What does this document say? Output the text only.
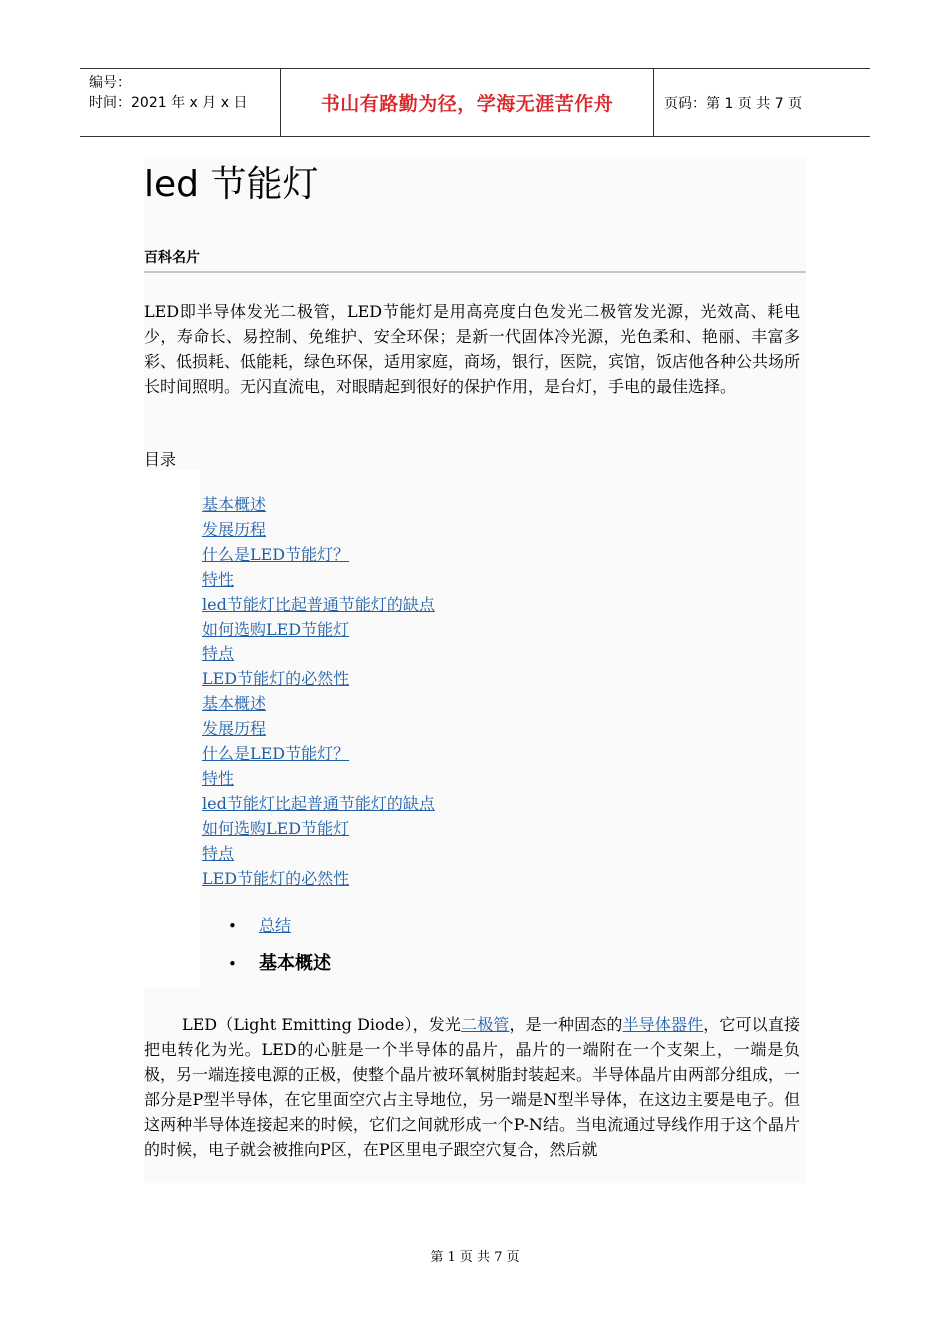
编号：
时间：2021 年 x 月 x 日	书山有路勤为径，学海无涯苦作舟	页码：第 1 页 共 7 页
led 节能灯
百科名片

LED即半导体发光二极管，LED节能灯是用高亮度白色发光二极管发光源，光效高、耗电少，寿命长、易控制、免维护、安全环保；是新一代固体冷光源，光色柔和、艳丽、丰富多彩、低损耗、低能耗，绿色环保，适用家庭，商场，银行，医院，宾馆，饭店他各种公共场所长时间照明。无闪直流电，对眼睛起到很好的保护作用，是台灯，手电的最佳选择。

目录
基本概述
发展历程
什么是LED节能灯？
特性
led节能灯比起普通节能灯的缺点
如何选购LED节能灯
特点
LED节能灯的必然性
基本概述
发展历程
什么是LED节能灯？
特性
led节能灯比起普通节能灯的缺点
如何选购LED节能灯
特点
LED节能灯的必然性
• 总结
• 基本概述

LED（Light Emitting Diode），发光二极管，是一种固态的半导体器件，它可以直接把电转化为光。LED的心脏是一个半导体的晶片，晶片的一端附在一个支架上，一端是负极，另一端连接电源的正极，使整个晶片被环氧树脂封装起来。半导体晶片由两部分组成，一部分是P型半导体，在它里面空穴占主导地位，另一端是N型半导体，在这边主要是电子。但这两种半导体连接起来的时候，它们之间就形成一个P-N结。当电流通过导线作用于这个晶片的时候，电子就会被推向P区，在P区里电子跟空穴复合，然后就

第 1 页 共 7 页
